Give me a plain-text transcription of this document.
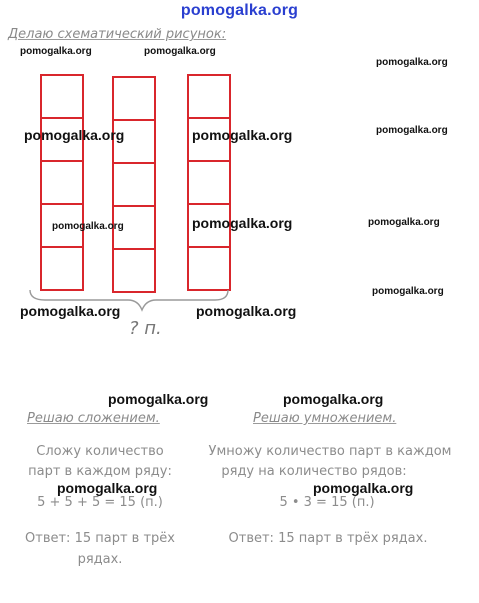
pomogalka.org
Делаю схематический рисунок:
? п.
pomogalka.org	pomogalka.org
pomogalka.org
pomogalka.org	pomogalka.org	pomogalka.org
pomogalka.org	pomogalka.org	pomogalka.org
pomogalka.org
pomogalka.org	pomogalka.org
pomogalka.org	pomogalka.org
Решаю сложением.
Сложу количество
парт в каждом ряду:
5 + 5 + 5 = 15 (п.)
Ответ: 15 парт в трёх
рядах.
Решаю умножением.
Умножу количество парт в каждом
ряду на количество рядов:
5 • 3 = 15 (п.)
Ответ: 15 парт в трёх рядах.
pomogalka.org	pomogalka.org
